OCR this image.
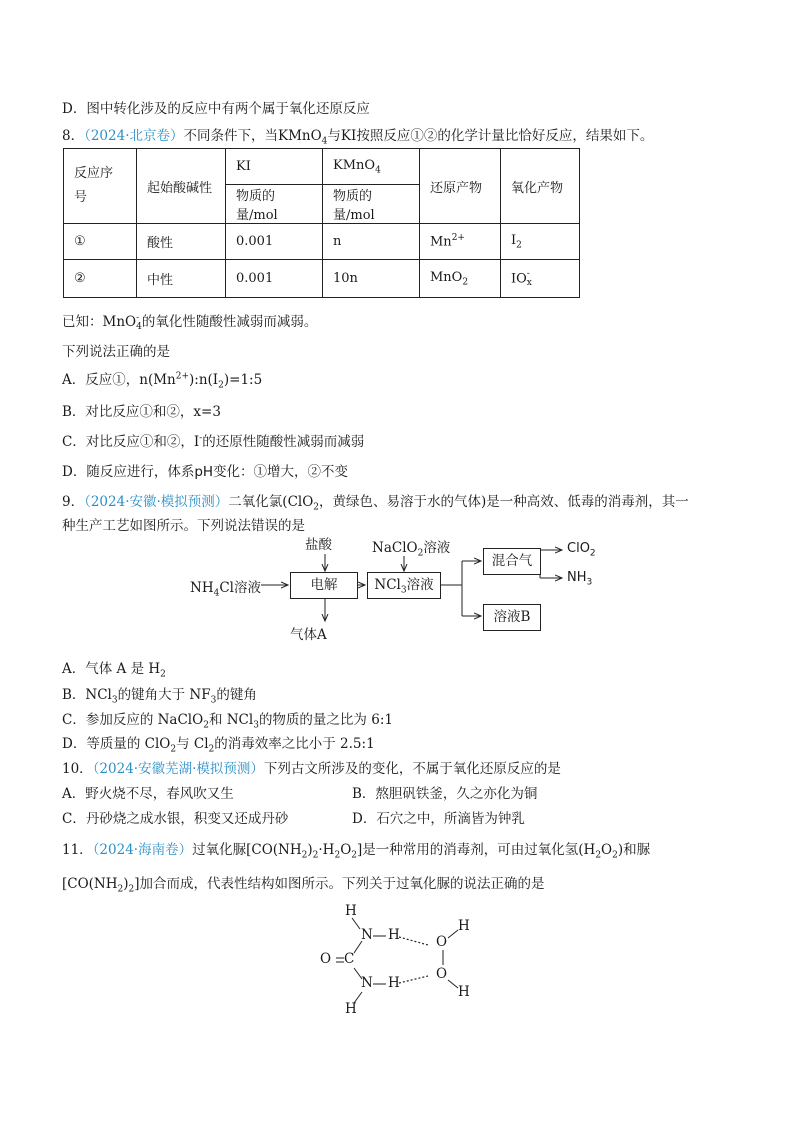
D．图中转化涉及的反应中有两个属于氧化还原反应
8．（2024·北京卷）不同条件下，当KMnO$_4$与KI按照反应①②的化学计量比恰好反应，结果如下。
反应序
号	起始酸碱性	KI	KMnO$_4$	还原产物	氧化产物
		物质的量/mol	物质的量/mol		
①	酸性	0.001	n	$Mn^{2+}$	$I_2$
②	中性	0.001	10n	MnO$_2$	IO-
x
已知：MnO-
4的氧化性随酸性减弱而减弱。
下列说法正确的是
A．反应①，$n(Mn^{2+}):n(I_2)=1:5$
B．对比反应①和②，x=3
C．对比反应①和②，I-的还原性随酸性减弱而减弱
D．随反应进行，体系pH变化：①增大，②不变
9．（2024·安徽·模拟预测）二氧化氯(ClO$_2$，黄绿色、易溶于水的气体)是一种高效、低毒的消毒剂，其一
种生产工艺如图所示。下列说法错误的是
盐酸	NaClO$_2$溶液
$NH_4Cl$溶液	电解	NCl$_3$溶液
混合气
溶液B
ClO$_2$
$NH_3$
气体A
A．气体 A 是 $H_2$
B．NCl$_3$的键角大于 $NF_3$的键角
C．参加反应的 NaClO$_2$和 NCl$_3$的物质的量之比为 6:1
D．等质量的 ClO$_2$与 $Cl_2$的消毒效率之比小于 2.5:1
10．（2024·安徽芜湖·模拟预测）下列古文所涉及的变化，不属于氧化还原反应的是
A．野火烧不尽，春风吹又生	B．熬胆矾铁釜，久之亦化为铜
C．丹砂烧之成水银，积变又还成丹砂	D．石穴之中，所滴皆为钟乳
11．（2024·海南卷）过氧化脲$[CO(NH_2)_2\cdot H_2O_2]$是一种常用的消毒剂，可由过氧化氢$(H_2O_2)$和脲
$[CO(NH_2)_2]$加合而成，代表性结构如图所示。下列关于过氧化脲的说法正确的是
H
N H	O
H
O C
N H
O
H
H
